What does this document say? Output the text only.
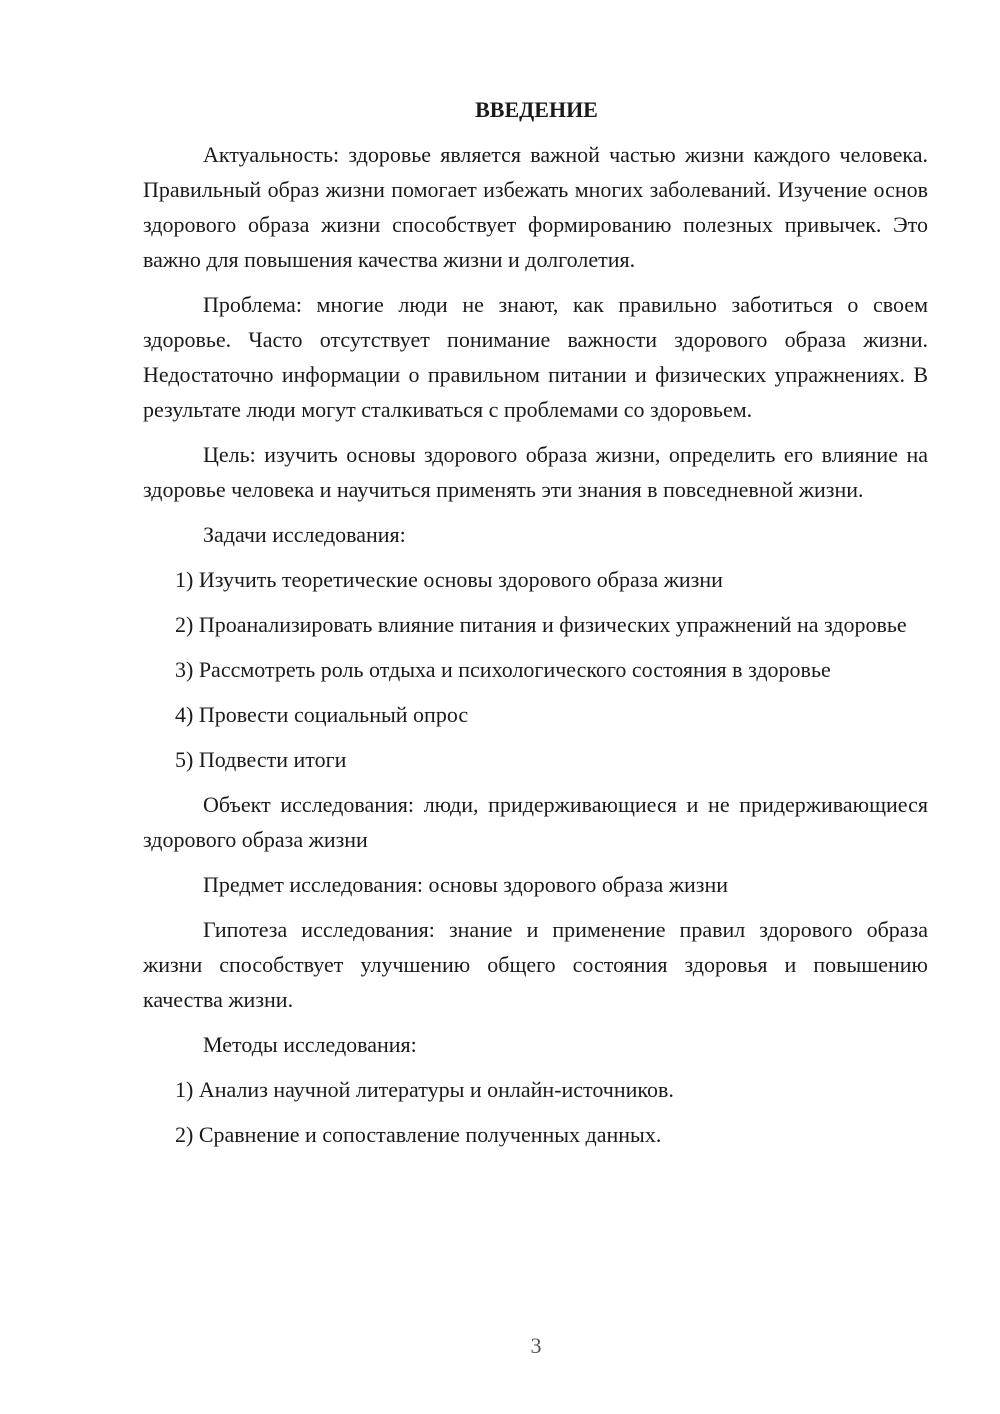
ВВЕДЕНИЕ

Актуальность: здоровье является важной частью жизни каждого человека. Правильный образ жизни помогает избежать многих заболеваний. Изучение основ здорового образа жизни способствует формированию полезных привычек. Это важно для повышения качества жизни и долголетия.

Проблема: многие люди не знают, как правильно заботиться о своем здоровье. Часто отсутствует понимание важности здорового образа жизни. Недостаточно информации о правильном питании и физических упражнениях. В результате люди могут сталкиваться с проблемами со здоровьем.

Цель: изучить основы здорового образа жизни, определить его влияние на здоровье человека и научиться применять эти знания в повседневной жизни.

Задачи исследования:

1) Изучить теоретические основы здорового образа жизни

2) Проанализировать влияние питания и физических упражнений на здоровье

3) Рассмотреть роль отдыха и психологического состояния в здоровье

4) Провести социальный опрос

5) Подвести итоги

Объект исследования: люди, придерживающиеся и не придерживающиеся здорового образа жизни

Предмет исследования: основы здорового образа жизни

Гипотеза исследования: знание и применение правил здорового образа жизни способствует улучшению общего состояния здоровья и повышению качества жизни.

Методы исследования:

1) Анализ научной литературы и онлайн-источников.

2) Сравнение и сопоставление полученных данных.

3
